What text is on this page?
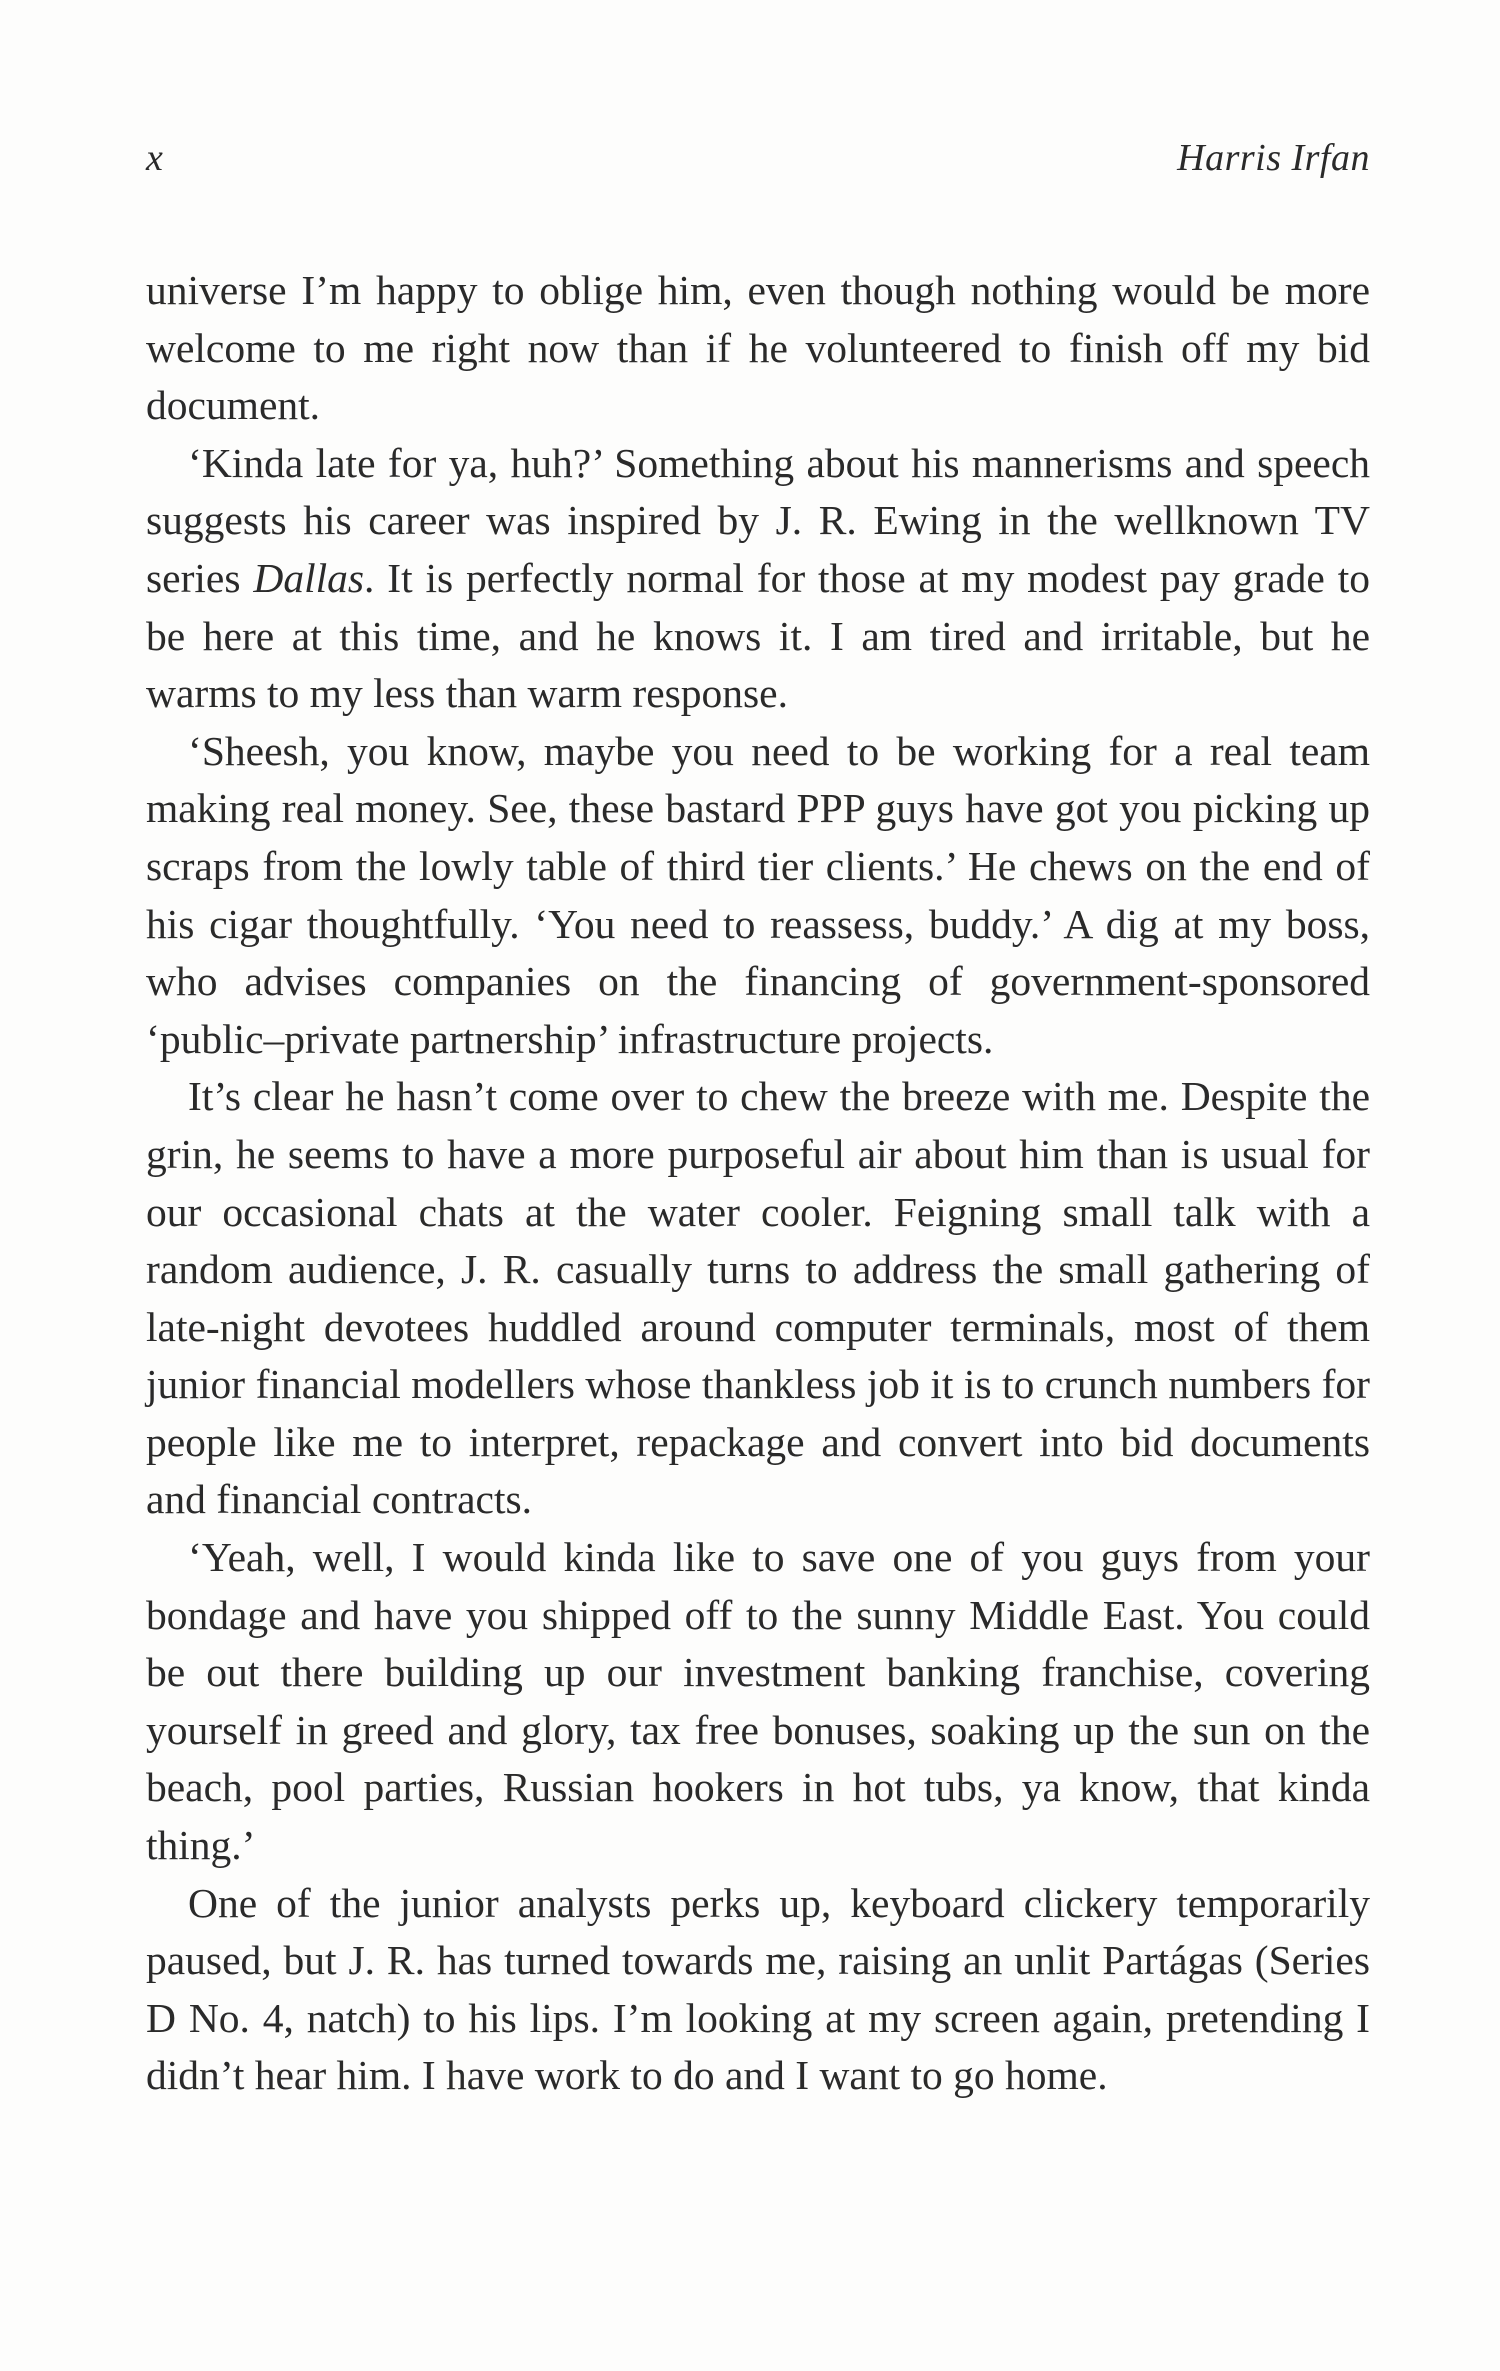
x	Harris Irfan

universe I’m happy to oblige him, even though nothing would be more welcome to me right now than if he volunteered to finish off my bid document.

‘Kinda late for ya, huh?’ Something about his mannerisms and speech suggests his career was inspired by J. R. Ewing in the wellknown TV series Dallas. It is perfectly normal for those at my modest pay grade to be here at this time, and he knows it. I am tired and irritable, but he warms to my less than warm response.

‘Sheesh, you know, maybe you need to be working for a real team making real money. See, these bastard PPP guys have got you picking up scraps from the lowly table of third tier clients.’ He chews on the end of his cigar thoughtfully. ‘You need to reassess, buddy.’ A dig at my boss, who advises companies on the financing of government-sponsored ‘public–private partnership’ infrastructure projects.

It’s clear he hasn’t come over to chew the breeze with me. Despite the grin, he seems to have a more purposeful air about him than is usual for our occasional chats at the water cooler. Feigning small talk with a random audience, J. R. casually turns to address the small gathering of late-night devotees huddled around computer terminals, most of them junior financial modellers whose thankless job it is to crunch numbers for people like me to interpret, repackage and convert into bid documents and financial contracts.

‘Yeah, well, I would kinda like to save one of you guys from your bondage and have you shipped off to the sunny Middle East. You could be out there building up our investment banking franchise, covering yourself in greed and glory, tax free bonuses, soaking up the sun on the beach, pool parties, Russian hookers in hot tubs, ya know, that kinda thing.’

One of the junior analysts perks up, keyboard clickery temporarily paused, but J. R. has turned towards me, raising an unlit Partágas (Series D No. 4, natch) to his lips. I’m looking at my screen again, pretending I didn’t hear him. I have work to do and I want to go home.
